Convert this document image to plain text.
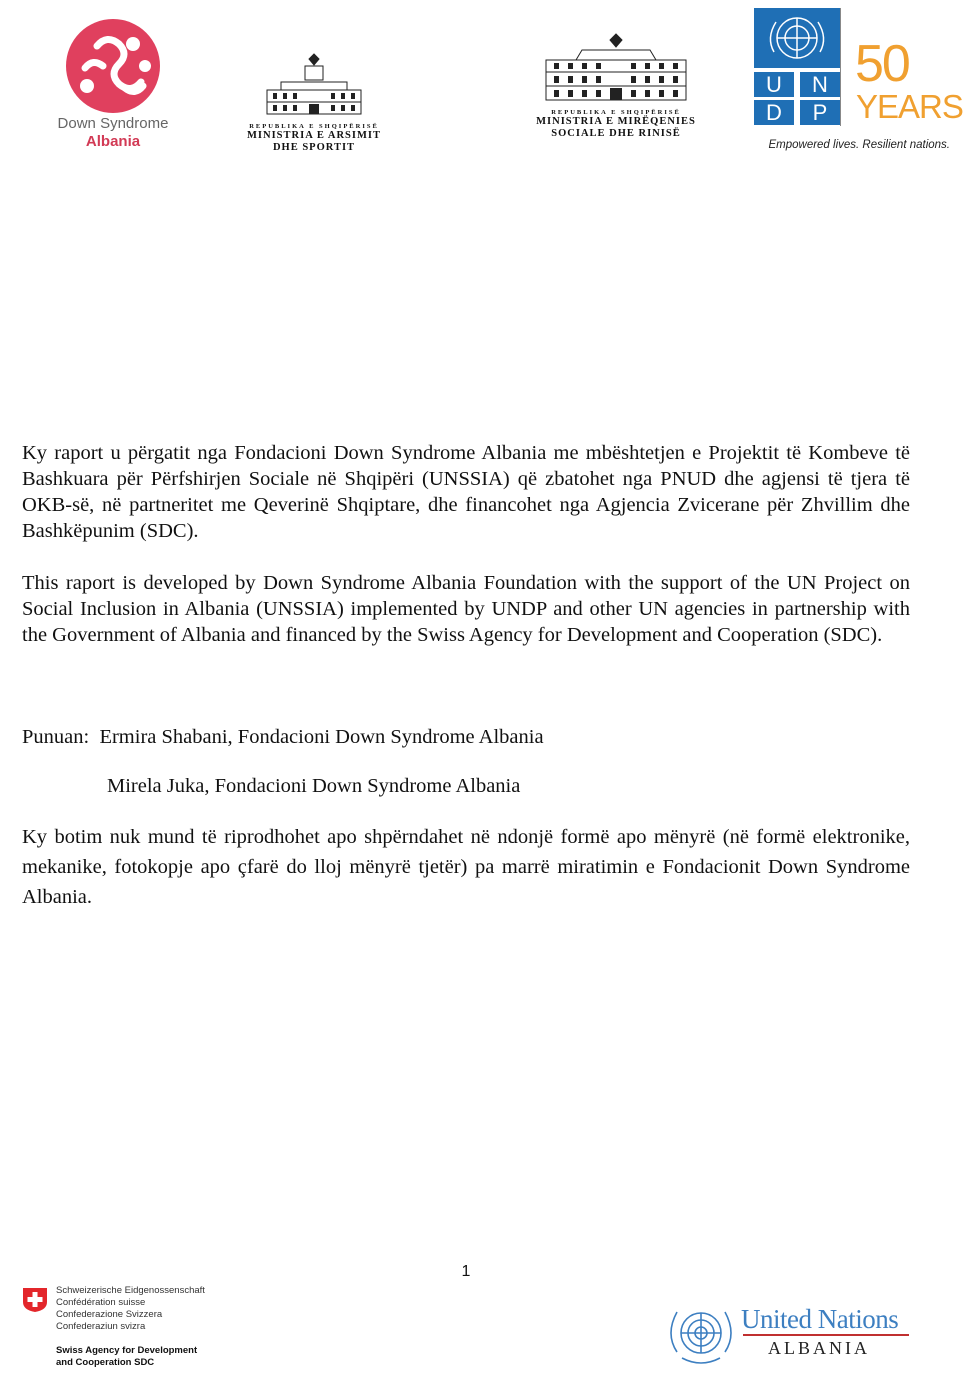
Down Syndrome
Albania
REPUBLIKA E SHQIPËRISË
MINISTRIA E ARSIMIT
DHE SPORTIT
REPUBLIKA E SHQIPËRISË
MINISTRIA E MIRËQENIES
SOCIALE DHE RINISË
U	N
D	P
50
YEARS
Empowered lives. Resilient nations.
Ky raport u përgatit nga Fondacioni Down Syndrome Albania me mbështetjen e Projektit të Kombeve të Bashkuara për Përfshirjen Sociale në Shqipëri (UNSSIA) që zbatohet nga PNUD dhe agjensi të tjera të OKB-së, në partneritet me Qeverinë Shqiptare, dhe financohet nga Agjencia Zvicerane për Zhvillim dhe Bashkëpunim (SDC).
This raport is developed by Down Syndrome Albania Foundation with the support of the UN Project on Social Inclusion in Albania (UNSSIA) implemented by UNDP and other UN agencies in partnership with the Government of Albania and financed by the Swiss Agency for Development and Cooperation (SDC).
Punuan: Ermira Shabani, Fondacioni Down Syndrome Albania
Mirela Juka, Fondacioni Down Syndrome Albania
Ky botim nuk mund të riprodhohet apo shpërndahet në ndonjë formë apo mënyrë (në formë elektronike, mekanike, fotokopje apo çfarë do lloj mënyrë tjetër) pa marrë miratimin e Fondacionit Down Syndrome Albania.
1
Schweizerische Eidgenossenschaft
Confédération suisse
Confederazione Svizzera
Confederaziun svizra
Swiss Agency for Development
and Cooperation SDC
United Nations
ALBANIA
